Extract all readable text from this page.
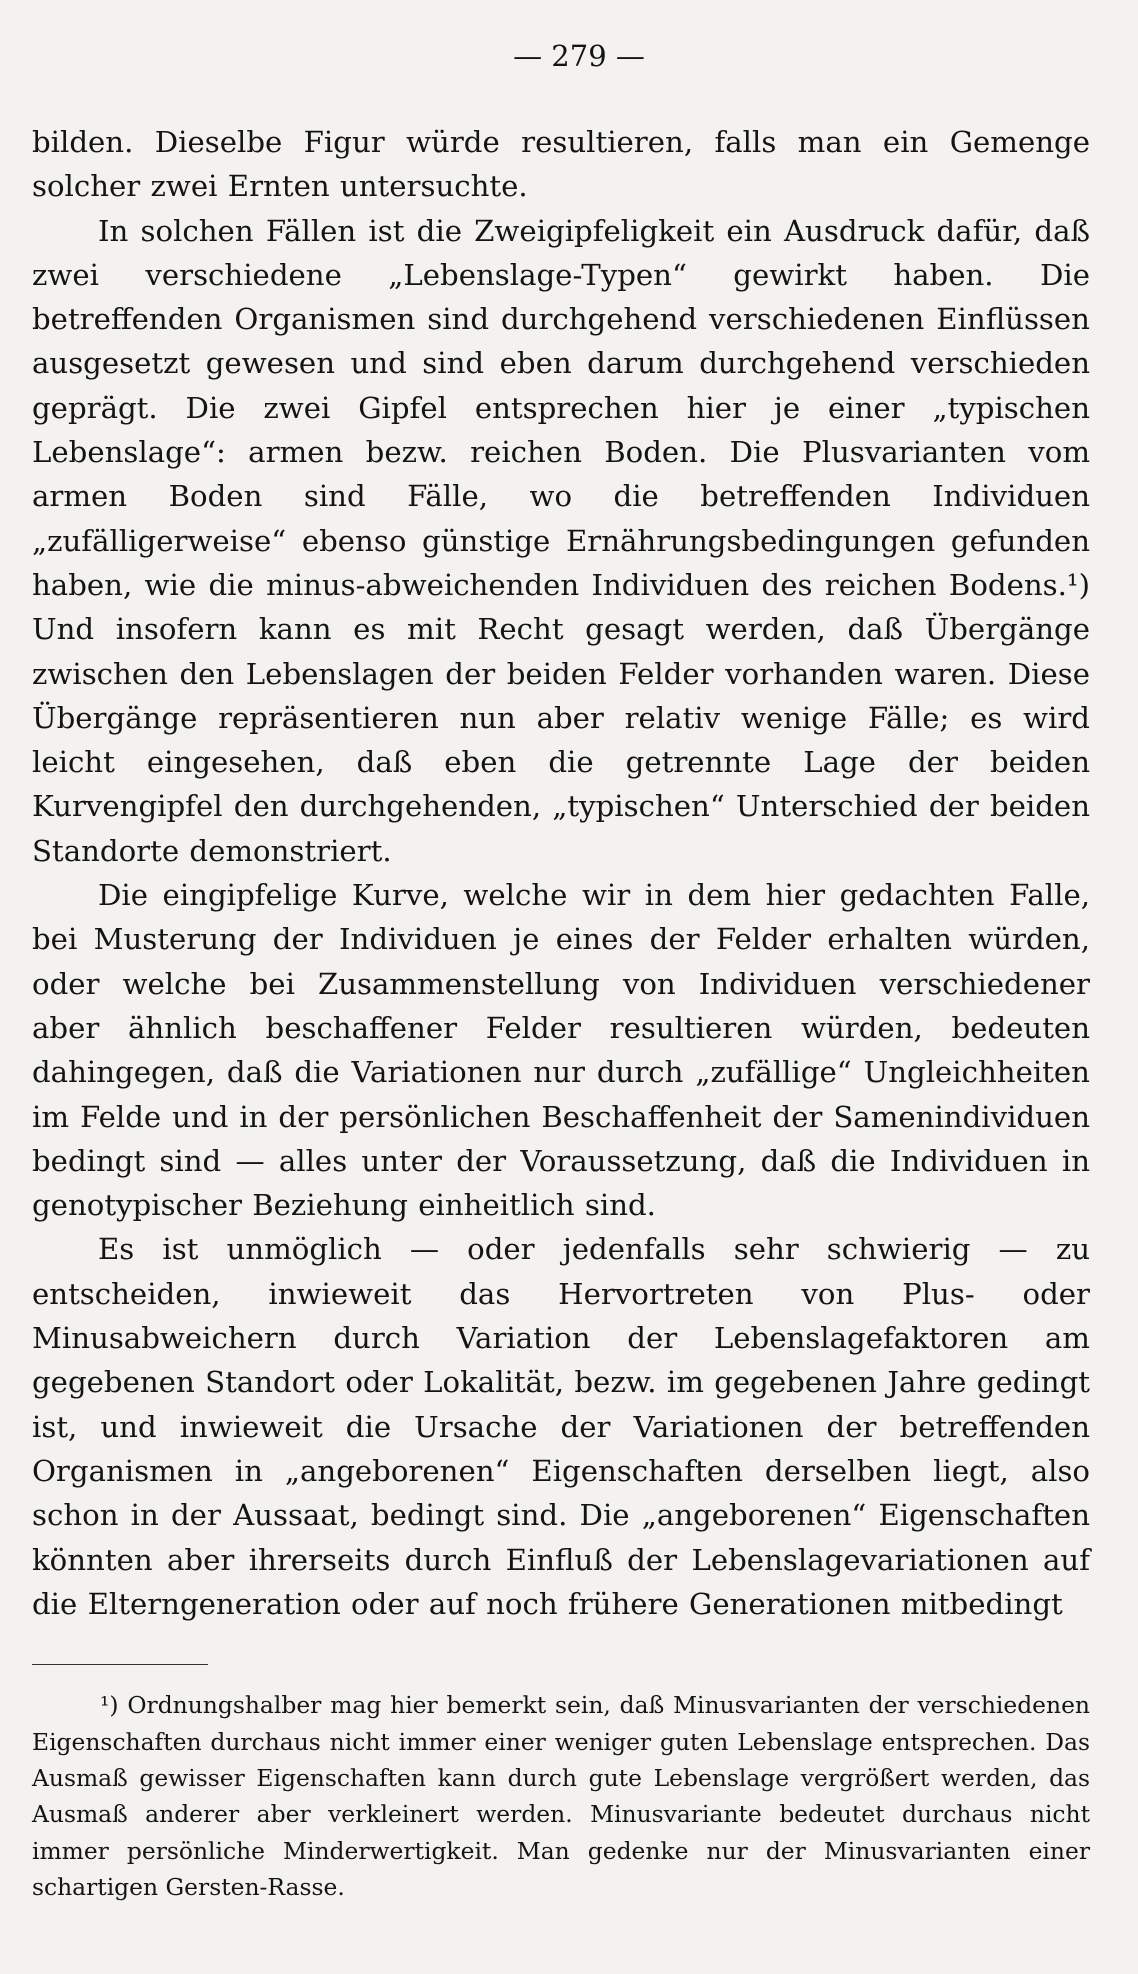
— 279 —

bilden. Dieselbe Figur würde resultieren, falls man ein Gemenge solcher zwei Ernten untersuchte.

In solchen Fällen ist die Zweigipfeligkeit ein Ausdruck dafür, daß zwei verschiedene „Lebenslage-Typen“ gewirkt haben. Die betreffenden Organismen sind durchgehend verschiedenen Einflüssen ausgesetzt gewesen und sind eben darum durchgehend verschieden geprägt. Die zwei Gipfel entsprechen hier je einer „typischen Lebenslage“: armen bezw. reichen Boden. Die Plusvarianten vom armen Boden sind Fälle, wo die betreffenden Individuen „zufälligerweise“ ebenso günstige Ernährungsbedingungen gefunden haben, wie die minus-abweichenden Individuen des reichen Bodens.¹) Und insofern kann es mit Recht gesagt werden, daß Übergänge zwischen den Lebenslagen der beiden Felder vorhanden waren. Diese Übergänge repräsentieren nun aber relativ wenige Fälle; es wird leicht eingesehen, daß eben die getrennte Lage der beiden Kurvengipfel den durchgehenden, „typischen“ Unterschied der beiden Standorte demonstriert.

Die eingipfelige Kurve, welche wir in dem hier gedachten Falle, bei Musterung der Individuen je eines der Felder erhalten würden, oder welche bei Zusammenstellung von Individuen verschiedener aber ähnlich beschaffener Felder resultieren würden, bedeuten dahingegen, daß die Variationen nur durch „zufällige“ Ungleichheiten im Felde und in der persönlichen Beschaffenheit der Samenindividuen bedingt sind — alles unter der Voraussetzung, daß die Individuen in genotypischer Beziehung einheitlich sind.

Es ist unmöglich — oder jedenfalls sehr schwierig — zu entscheiden, inwieweit das Hervortreten von Plus- oder Minusabweichern durch Variation der Lebenslagefaktoren am gegebenen Standort oder Lokalität, bezw. im gegebenen Jahre gedingt ist, und inwieweit die Ursache der Variationen der betreffenden Organismen in „angeborenen“ Eigenschaften derselben liegt, also schon in der Aussaat, bedingt sind. Die „angeborenen“ Eigenschaften könnten aber ihrerseits durch Einfluß der Lebenslagevariationen auf die Elterngeneration oder auf noch frühere Generationen mitbedingt

¹) Ordnungshalber mag hier bemerkt sein, daß Minusvarianten der verschiedenen Eigenschaften durchaus nicht immer einer weniger guten Lebenslage entsprechen. Das Ausmaß gewisser Eigenschaften kann durch gute Lebenslage vergrößert werden, das Ausmaß anderer aber verkleinert werden. Minusvariante bedeutet durchaus nicht immer persönliche Minderwertigkeit. Man gedenke nur der Minusvarianten einer schartigen Gersten-Rasse.
